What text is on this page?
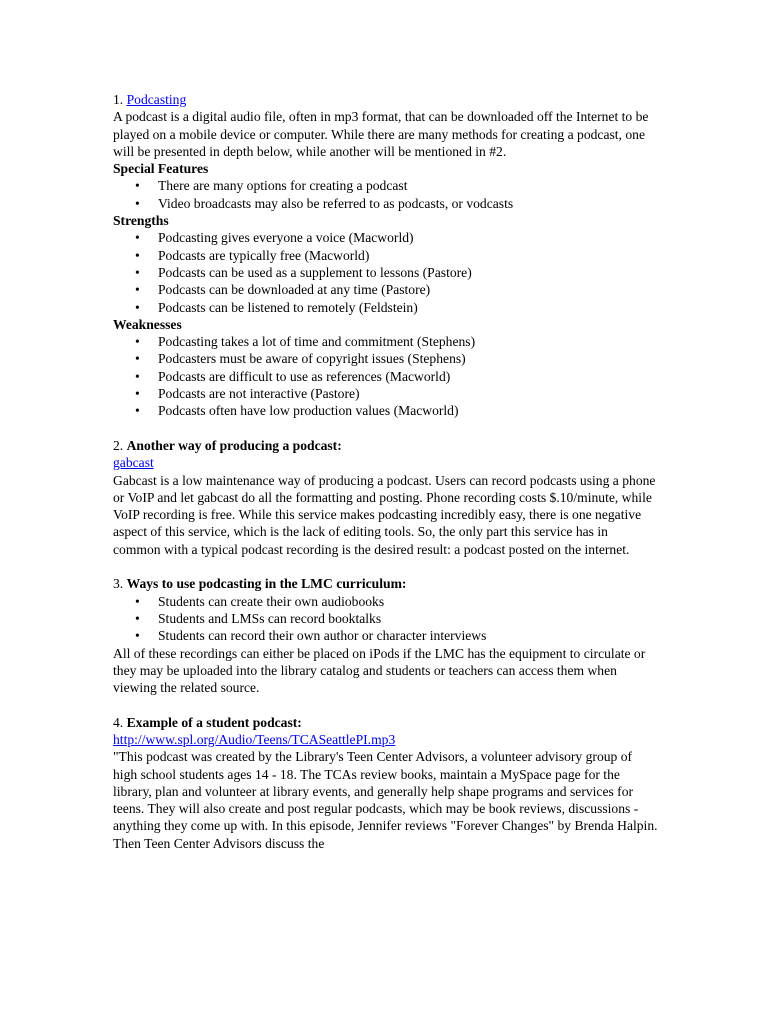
1. Podcasting

A podcast is a digital audio file, often in mp3 format, that can be downloaded off the Internet to be played on a mobile device or computer. While there are many methods for creating a podcast, one will be presented in depth below, while another will be mentioned in #2.

Special Features

• There are many options for creating a podcast
• Video broadcasts may also be referred to as podcasts, or vodcasts

Strengths

• Podcasting gives everyone a voice (Macworld)
• Podcasts are typically free (Macworld)
• Podcasts can be used as a supplement to lessons (Pastore)
• Podcasts can be downloaded at any time (Pastore)
• Podcasts can be listened to remotely (Feldstein)

Weaknesses

• Podcasting takes a lot of time and commitment (Stephens)
• Podcasters must be aware of copyright issues (Stephens)
• Podcasts are difficult to use as references (Macworld)
• Podcasts are not interactive (Pastore)
• Podcasts often have low production values (Macworld)

2. Another way of producing a podcast:

gabcast

Gabcast is a low maintenance way of producing a podcast. Users can record podcasts using a phone or VoIP and let gabcast do all the formatting and posting. Phone recording costs $.10/minute, while VoIP recording is free. While this service makes podcasting incredibly easy, there is one negative aspect of this service, which is the lack of editing tools. So, the only part this service has in common with a typical podcast recording is the desired result: a podcast posted on the internet.

3. Ways to use podcasting in the LMC curriculum:

• Students can create their own audiobooks
• Students and LMSs can record booktalks
• Students can record their own author or character interviews

All of these recordings can either be placed on iPods if the LMC has the equipment to circulate or they may be uploaded into the library catalog and students or teachers can access them when viewing the related source.

4. Example of a student podcast:

http://www.spl.org/Audio/Teens/TCASeattlePI.mp3

"This podcast was created by the Library's Teen Center Advisors, a volunteer advisory group of high school students ages 14 - 18. The TCAs review books, maintain a MySpace page for the library, plan and volunteer at library events, and generally help shape programs and services for teens. They will also create and post regular podcasts, which may be book reviews, discussions - anything they come up with. In this episode, Jennifer reviews "Forever Changes" by Brenda Halpin. Then Teen Center Advisors discuss the
